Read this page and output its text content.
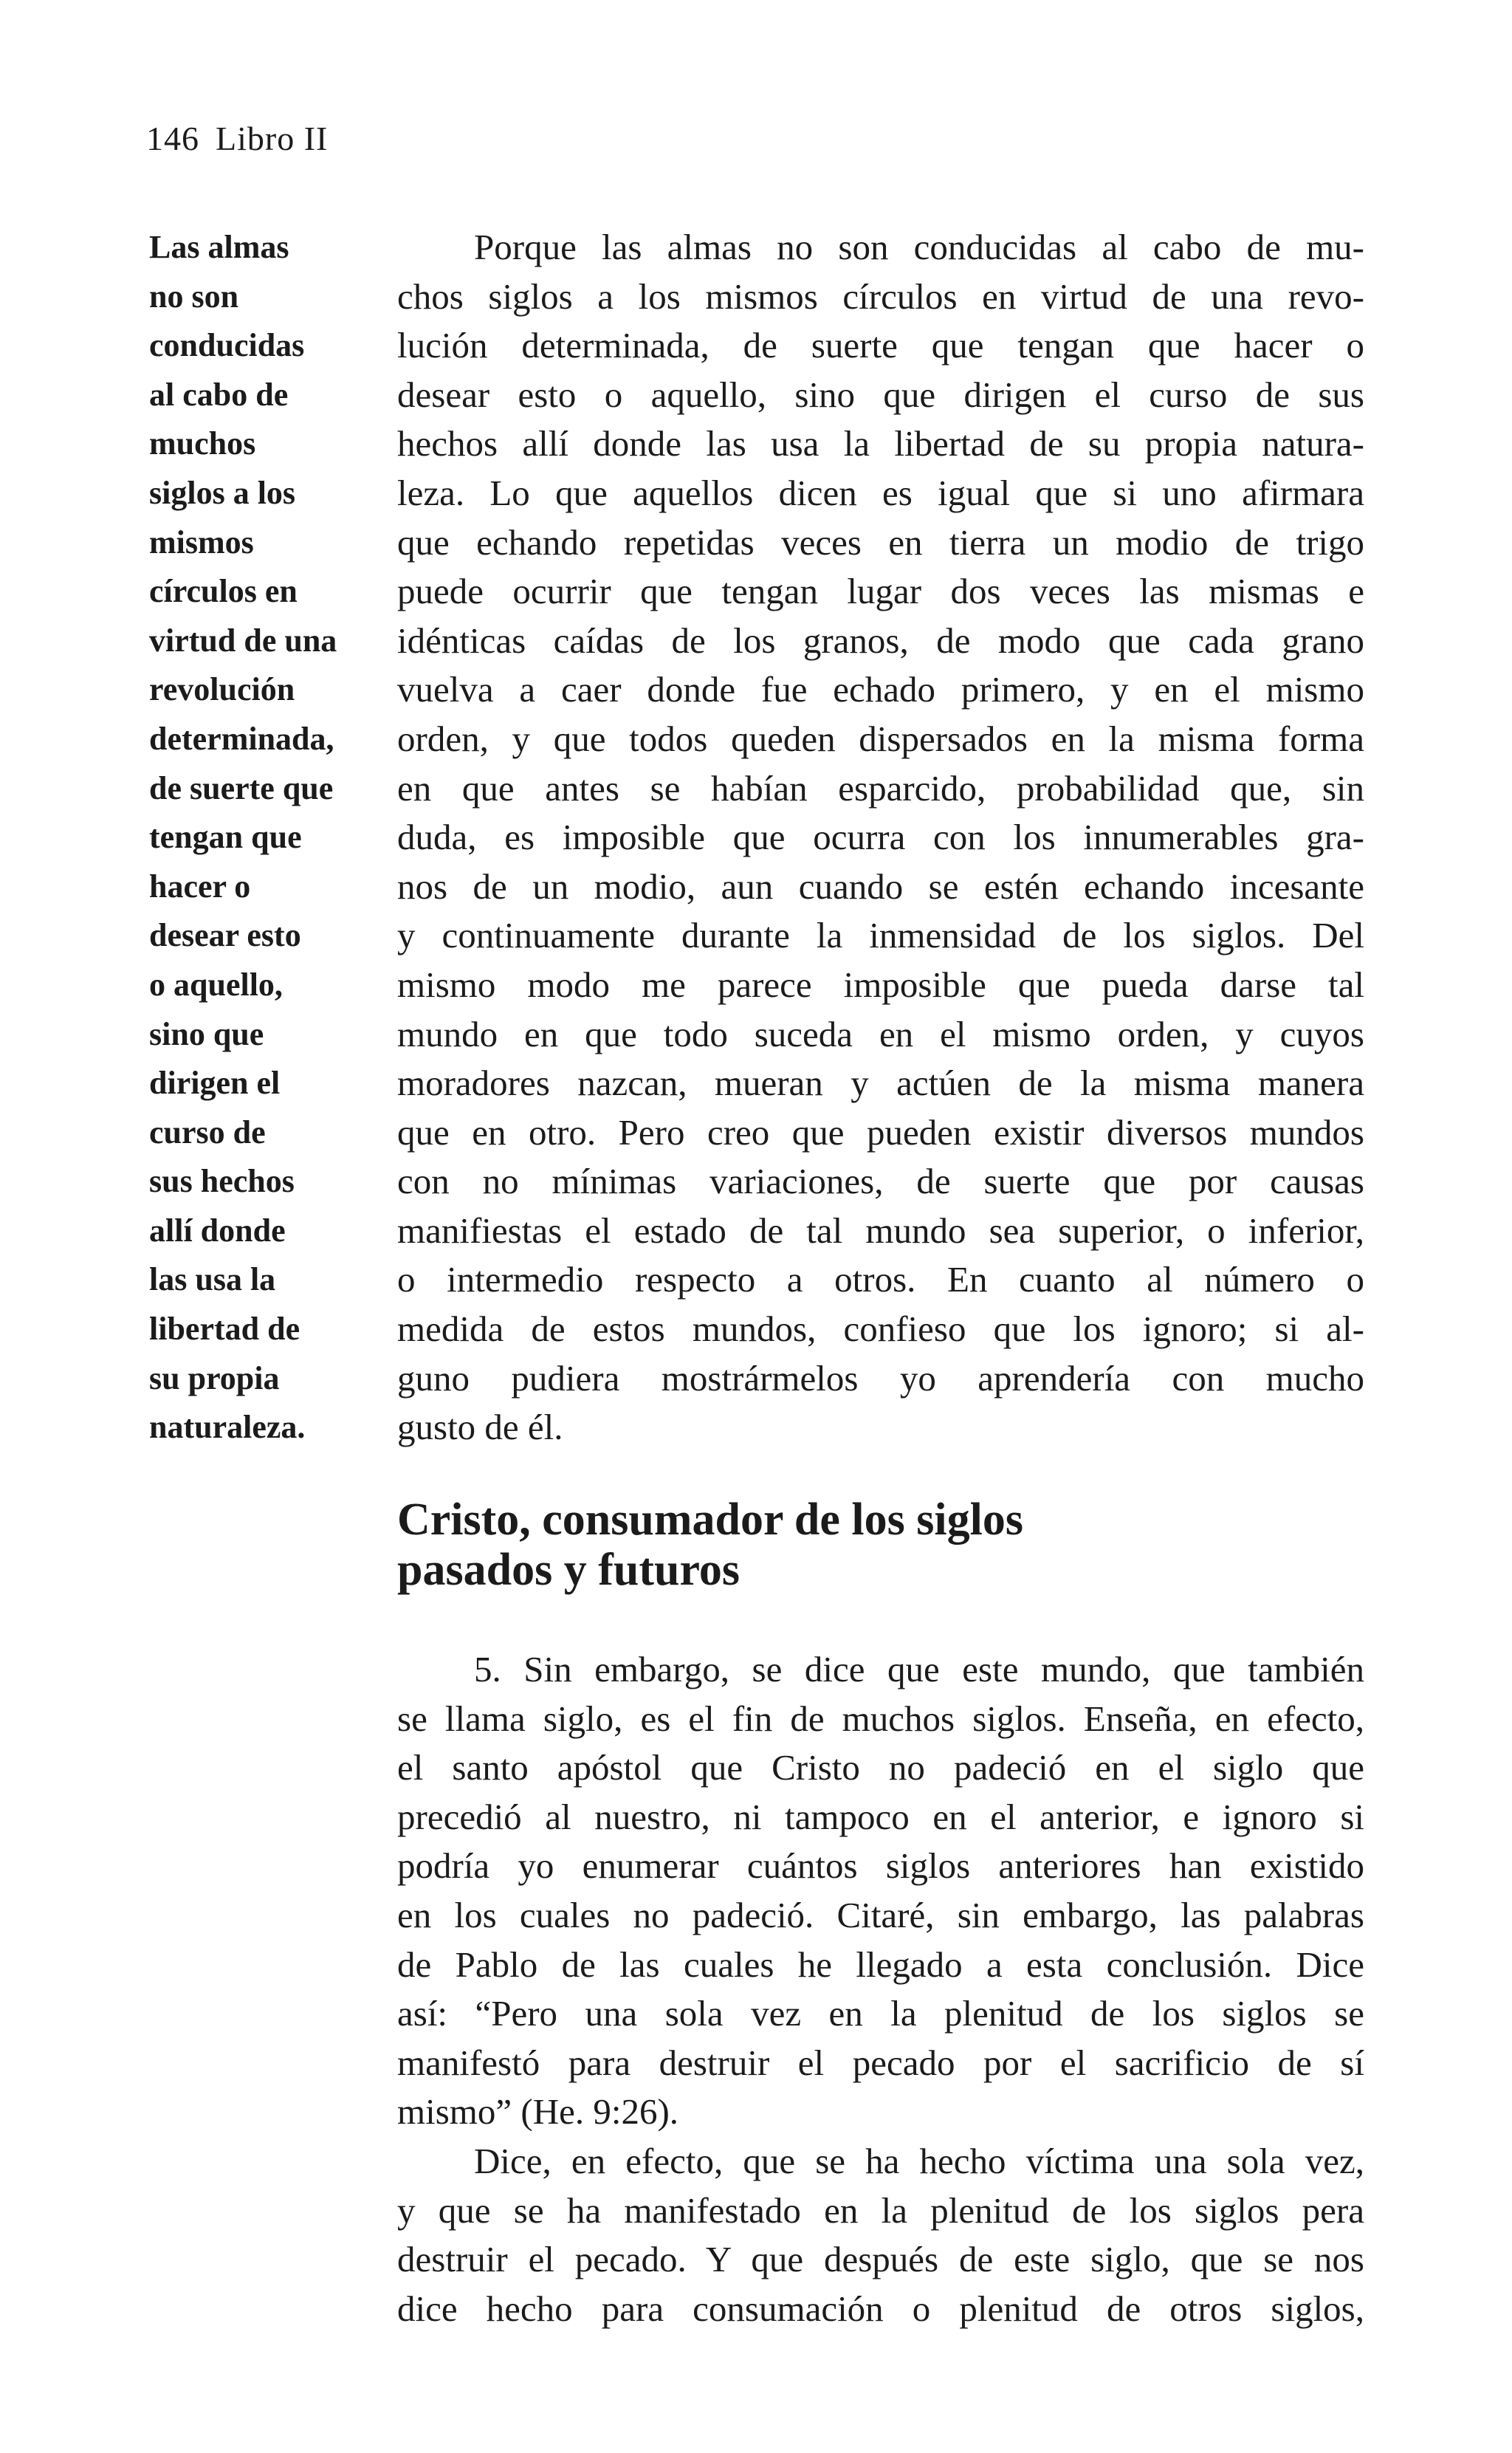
146 Libro II
Las almas
no son
conducidas
al cabo de
muchos
siglos a los
mismos
círculos en
virtud de una
revolución
determinada,
de suerte que
tengan que
hacer o
desear esto
o aquello,
sino que
dirigen el
curso de
sus hechos
allí donde
las usa la
libertad de
su propia
naturaleza.
Porque las almas no son conducidas al cabo de mu-
chos siglos a los mismos círculos en virtud de una revo-
lución determinada, de suerte que tengan que hacer o
desear esto o aquello, sino que dirigen el curso de sus
hechos allí donde las usa la libertad de su propia natura-
leza. Lo que aquellos dicen es igual que si uno afirmara
que echando repetidas veces en tierra un modio de trigo
puede ocurrir que tengan lugar dos veces las mismas e
idénticas caídas de los granos, de modo que cada grano
vuelva a caer donde fue echado primero, y en el mismo
orden, y que todos queden dispersados en la misma forma
en que antes se habían esparcido, probabilidad que, sin
duda, es imposible que ocurra con los innumerables gra-
nos de un modio, aun cuando se estén echando incesante
y continuamente durante la inmensidad de los siglos. Del
mismo modo me parece imposible que pueda darse tal
mundo en que todo suceda en el mismo orden, y cuyos
moradores nazcan, mueran y actúen de la misma manera
que en otro. Pero creo que pueden existir diversos mundos
con no mínimas variaciones, de suerte que por causas
manifiestas el estado de tal mundo sea superior, o inferior,
o intermedio respecto a otros. En cuanto al número o
medida de estos mundos, confieso que los ignoro; si al-
guno pudiera mostrármelos yo aprendería con mucho
gusto de él.
Cristo, consumador de los siglos
pasados y futuros
5. Sin embargo, se dice que este mundo, que también
se llama siglo, es el fin de muchos siglos. Enseña, en efecto,
el santo apóstol que Cristo no padeció en el siglo que
precedió al nuestro, ni tampoco en el anterior, e ignoro si
podría yo enumerar cuántos siglos anteriores han existido
en los cuales no padeció. Citaré, sin embargo, las palabras
de Pablo de las cuales he llegado a esta conclusión. Dice
así: “Pero una sola vez en la plenitud de los siglos se
manifestó para destruir el pecado por el sacrificio de sí
mismo” (He. 9:26).
Dice, en efecto, que se ha hecho víctima una sola vez,
y que se ha manifestado en la plenitud de los siglos pera
destruir el pecado. Y que después de este siglo, que se nos
dice hecho para consumación o plenitud de otros siglos,
